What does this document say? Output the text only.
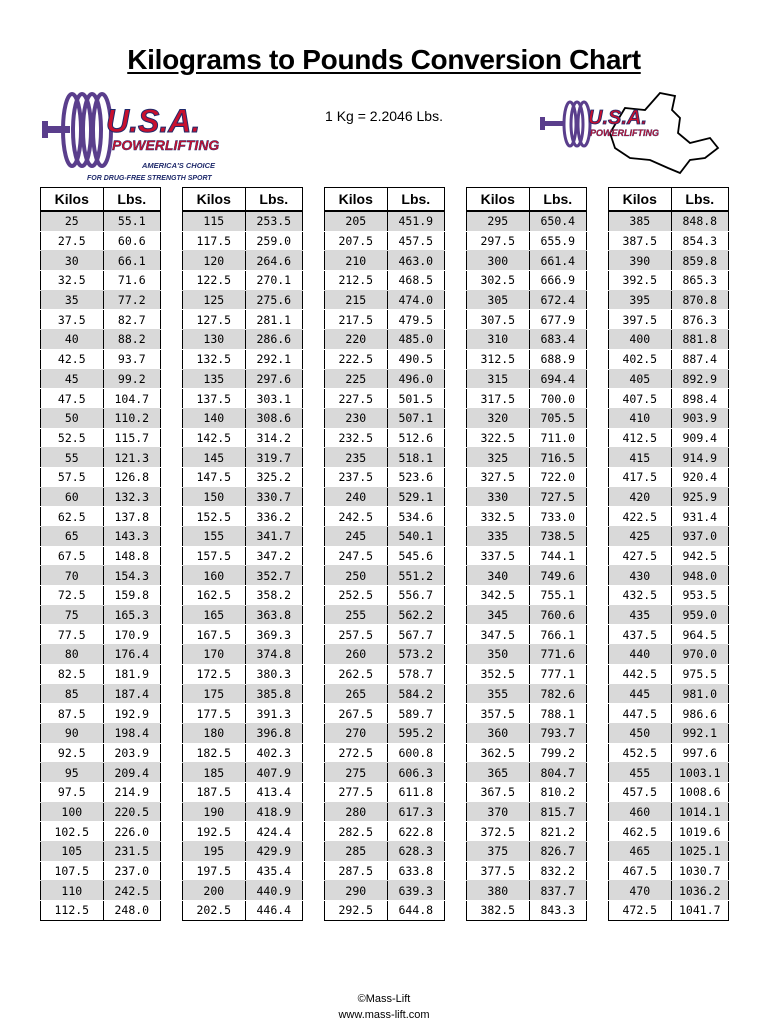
Kilograms to Pounds Conversion Chart
1 Kg = 2.2046 Lbs.
U.S.A.
POWERLIFTING
AMERICA'S CHOICE
FOR DRUG-FREE STRENGTH SPORT
U.S.A.
POWERLIFTING
Kilos	Lbs.
25	55.1
27.5	60.6
30	66.1
32.5	71.6
35	77.2
37.5	82.7
40	88.2
42.5	93.7
45	99.2
47.5	104.7
50	110.2
52.5	115.7
55	121.3
57.5	126.8
60	132.3
62.5	137.8
65	143.3
67.5	148.8
70	154.3
72.5	159.8
75	165.3
77.5	170.9
80	176.4
82.5	181.9
85	187.4
87.5	192.9
90	198.4
92.5	203.9
95	209.4
97.5	214.9
100	220.5
102.5	226.0
105	231.5
107.5	237.0
110	242.5
112.5	248.0
Kilos	Lbs.
115	253.5
117.5	259.0
120	264.6
122.5	270.1
125	275.6
127.5	281.1
130	286.6
132.5	292.1
135	297.6
137.5	303.1
140	308.6
142.5	314.2
145	319.7
147.5	325.2
150	330.7
152.5	336.2
155	341.7
157.5	347.2
160	352.7
162.5	358.2
165	363.8
167.5	369.3
170	374.8
172.5	380.3
175	385.8
177.5	391.3
180	396.8
182.5	402.3
185	407.9
187.5	413.4
190	418.9
192.5	424.4
195	429.9
197.5	435.4
200	440.9
202.5	446.4
Kilos	Lbs.
205	451.9
207.5	457.5
210	463.0
212.5	468.5
215	474.0
217.5	479.5
220	485.0
222.5	490.5
225	496.0
227.5	501.5
230	507.1
232.5	512.6
235	518.1
237.5	523.6
240	529.1
242.5	534.6
245	540.1
247.5	545.6
250	551.2
252.5	556.7
255	562.2
257.5	567.7
260	573.2
262.5	578.7
265	584.2
267.5	589.7
270	595.2
272.5	600.8
275	606.3
277.5	611.8
280	617.3
282.5	622.8
285	628.3
287.5	633.8
290	639.3
292.5	644.8
Kilos	Lbs.
295	650.4
297.5	655.9
300	661.4
302.5	666.9
305	672.4
307.5	677.9
310	683.4
312.5	688.9
315	694.4
317.5	700.0
320	705.5
322.5	711.0
325	716.5
327.5	722.0
330	727.5
332.5	733.0
335	738.5
337.5	744.1
340	749.6
342.5	755.1
345	760.6
347.5	766.1
350	771.6
352.5	777.1
355	782.6
357.5	788.1
360	793.7
362.5	799.2
365	804.7
367.5	810.2
370	815.7
372.5	821.2
375	826.7
377.5	832.2
380	837.7
382.5	843.3
Kilos	Lbs.
385	848.8
387.5	854.3
390	859.8
392.5	865.3
395	870.8
397.5	876.3
400	881.8
402.5	887.4
405	892.9
407.5	898.4
410	903.9
412.5	909.4
415	914.9
417.5	920.4
420	925.9
422.5	931.4
425	937.0
427.5	942.5
430	948.0
432.5	953.5
435	959.0
437.5	964.5
440	970.0
442.5	975.5
445	981.0
447.5	986.6
450	992.1
452.5	997.6
455	1003.1
457.5	1008.6
460	1014.1
462.5	1019.6
465	1025.1
467.5	1030.7
470	1036.2
472.5	1041.7
©Mass-Lift
www.mass-lift.com
